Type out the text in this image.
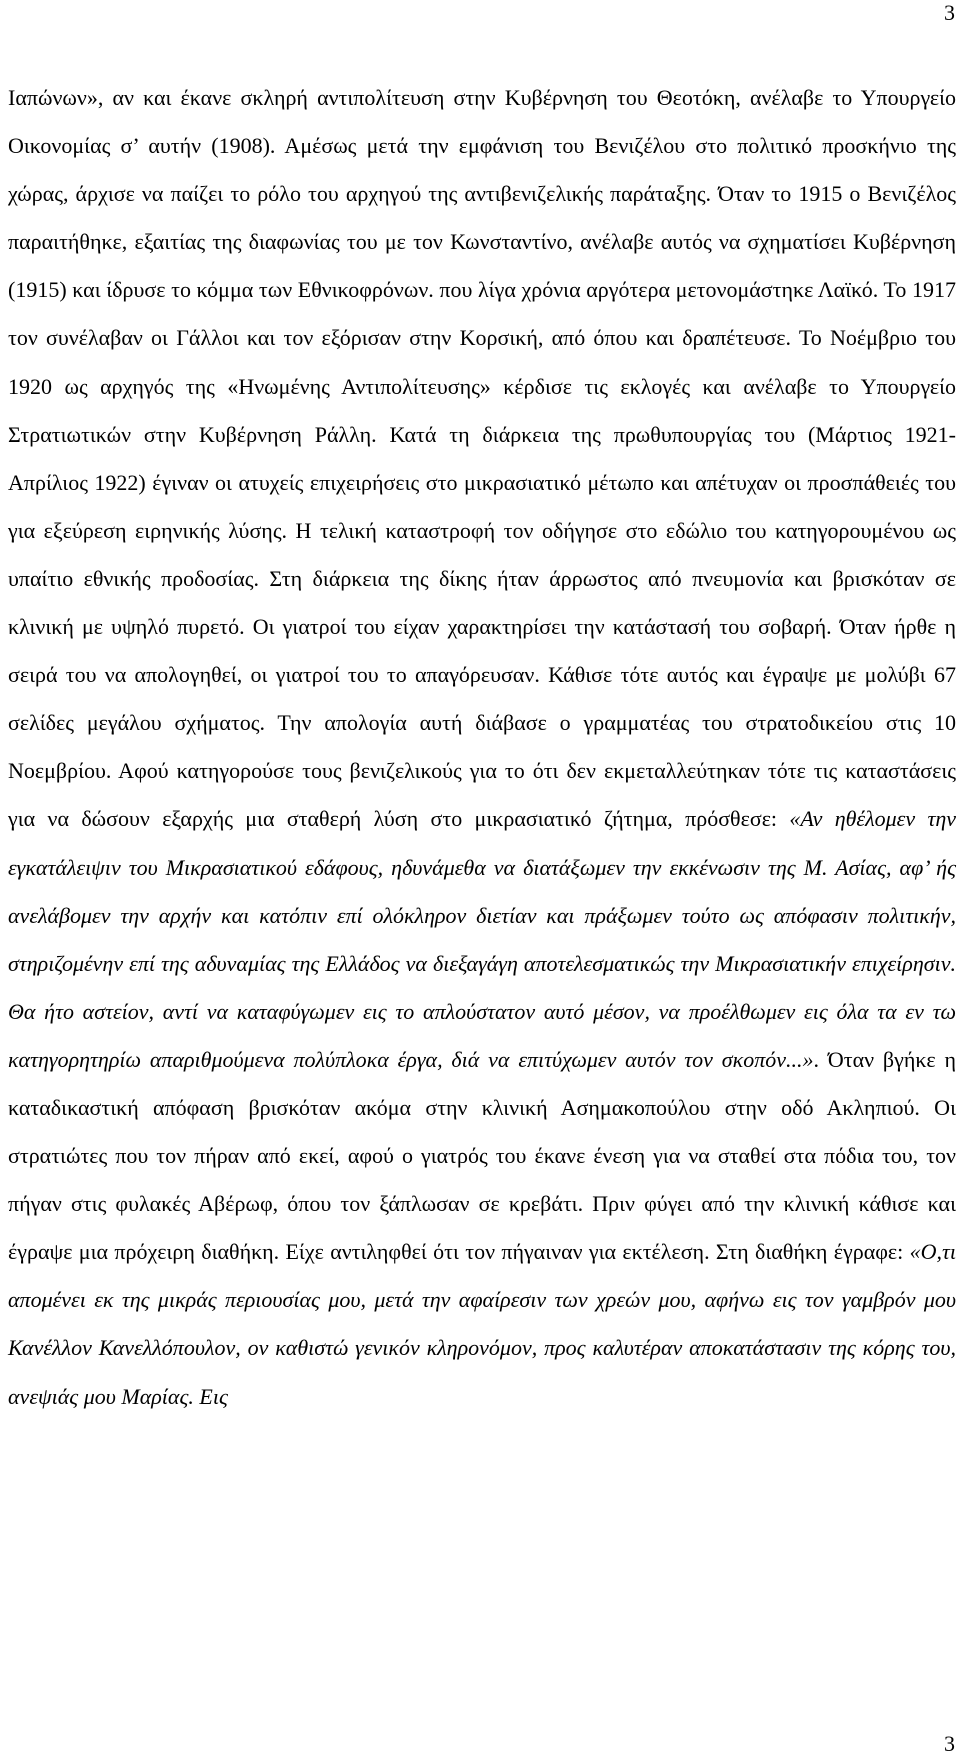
3
Ιαπώνων», αν και έκανε σκληρή αντιπολίτευση στην Κυβέρνηση του Θεοτόκη, ανέλαβε το Υπουργείο Οικονομίας σ’ αυτήν (1908). Αμέσως μετά την εμφάνιση του Βενιζέλου στο πολιτικό προσκήνιο της χώρας, άρχισε να παίζει το ρόλο του αρχηγού της αντιβενιζελικής παράταξης. Όταν το 1915 ο Βενιζέλος παραιτήθηκε, εξαιτίας της διαφωνίας του με τον Κωνσταντίνο, ανέλαβε αυτός να σχηματίσει Κυβέρνηση (1915) και ίδρυσε το κόμμα των Εθνικοφρόνων. που λίγα χρόνια αργότερα μετονομάστηκε Λαϊκό. Το 1917 τον συνέλαβαν οι Γάλλοι και τον εξόρισαν στην Κορσική, από όπου και δραπέτευσε. Το Νοέμβριο του 1920 ως αρχηγός της «Ηνωμένης Αντιπολίτευσης» κέρδισε τις εκλογές και ανέλαβε το Υπουργείο Στρατιωτικών στην Κυβέρνηση Ράλλη. Κατά τη διάρκεια της πρωθυπουργίας του (Μάρτιος 1921- Απρίλιος 1922) έγιναν οι ατυχείς επιχειρήσεις στο μικρασιατικό μέτωπο και απέτυχαν οι προσπάθειές του για εξεύρεση ειρηνικής λύσης. Η τελική καταστροφή τον οδήγησε στο εδώλιο του κατηγορουμένου ως υπαίτιο εθνικής προδοσίας. Στη διάρκεια της δίκης ήταν άρρωστος από πνευμονία και βρισκόταν σε κλινική με υψηλό πυρετό. Οι γιατροί του είχαν χαρακτηρίσει την κατάστασή του σοβαρή. Όταν ήρθε η σειρά του να απολογηθεί, οι γιατροί του το απαγόρευσαν. Κάθισε τότε αυτός και έγραψε με μολύβι 67 σελίδες μεγάλου σχήματος. Την απολογία αυτή διάβασε ο γραμματέας του στρατοδικείου στις 10 Νοεμβρίου. Αφού κατηγορούσε τους βενιζελικούς για το ότι δεν εκμεταλλεύτηκαν τότε τις καταστάσεις για να δώσουν εξαρχής μια σταθερή λύση στο μικρασιατικό ζήτημα, πρόσθεσε: «Αν ηθέλομεν την εγκατάλειψιν του Μικρασιατικού εδάφους, ηδυνάμεθα να διατάξωμεν την εκκένωσιν της Μ. Ασίας, αφ’ ής ανελάβομεν την αρχήν και κατόπιν επί ολόκληρον διετίαν και πράξωμεν τούτο ως απόφασιν πολιτικήν, στηριζομένην επί της αδυναμίας της Ελλάδος να διεξαγάγη αποτελεσματικώς την Μικρασιατικήν επιχείρησιν. Θα ήτο αστείον, αντί να καταφύγωμεν εις το απλούστατον αυτό μέσον, να προέλθωμεν εις όλα τα εν τω κατηγορητηρίω απαριθμούμενα πολύπλοκα έργα, διά να επιτύχωμεν αυτόν τον σκοπόν...». Όταν βγήκε η καταδικαστική απόφαση βρισκόταν ακόμα στην κλινική Ασημακοπούλου στην οδό Ακληπιού. Οι στρατιώτες που τον πήραν από εκεί, αφού ο γιατρός του έκανε ένεση για να σταθεί στα πόδια του, τον πήγαν στις φυλακές Αβέρωφ, όπου τον ξάπλωσαν σε κρεβάτι. Πριν φύγει από την κλινική κάθισε και έγραψε μια πρόχειρη διαθήκη. Είχε αντιληφθεί ότι τον πήγαιναν για εκτέλεση. Στη διαθήκη έγραφε: «Ο,τι απομένει εκ της μικράς περιουσίας μου, μετά την αφαίρεσιν των χρεών μου, αφήνω εις τον γαμβρόν μου Κανέλλον Κανελλόπουλον, ον καθιστώ γενικόν κληρονόμον, προς καλυτέραν αποκατάστασιν της κόρης του, ανεψιάς μου Μαρίας. Εις
3
